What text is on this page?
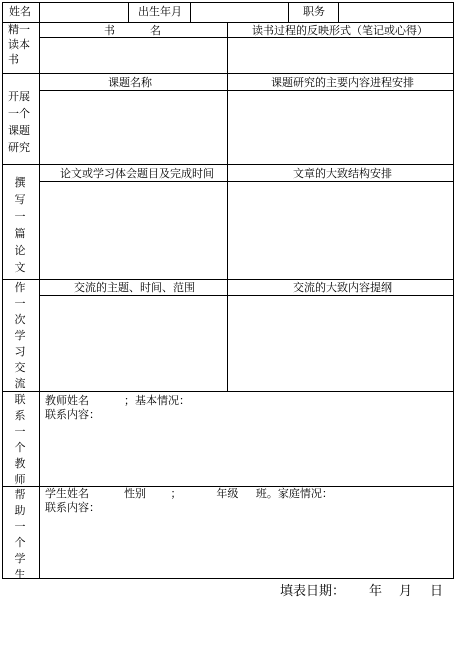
姓名	出生年月	职务
精一读本书
书          名	读书过程的反映形式（笔记或心得）
开展一个课题研究
课题名称	课题研究的主要内容进程安排
撰写一篇论文
论文或学习体会题目及完成时间	文章的大致结构安排
作一次学习交流
交流的主题、时间、范围	交流的大致内容提纲
联系一个教师
教师姓名          ；基本情况：
联系内容：
帮助一个学生
学生姓名          性别       ；          年级     班。家庭情况：
联系内容：

填表日期：

年

月

日
